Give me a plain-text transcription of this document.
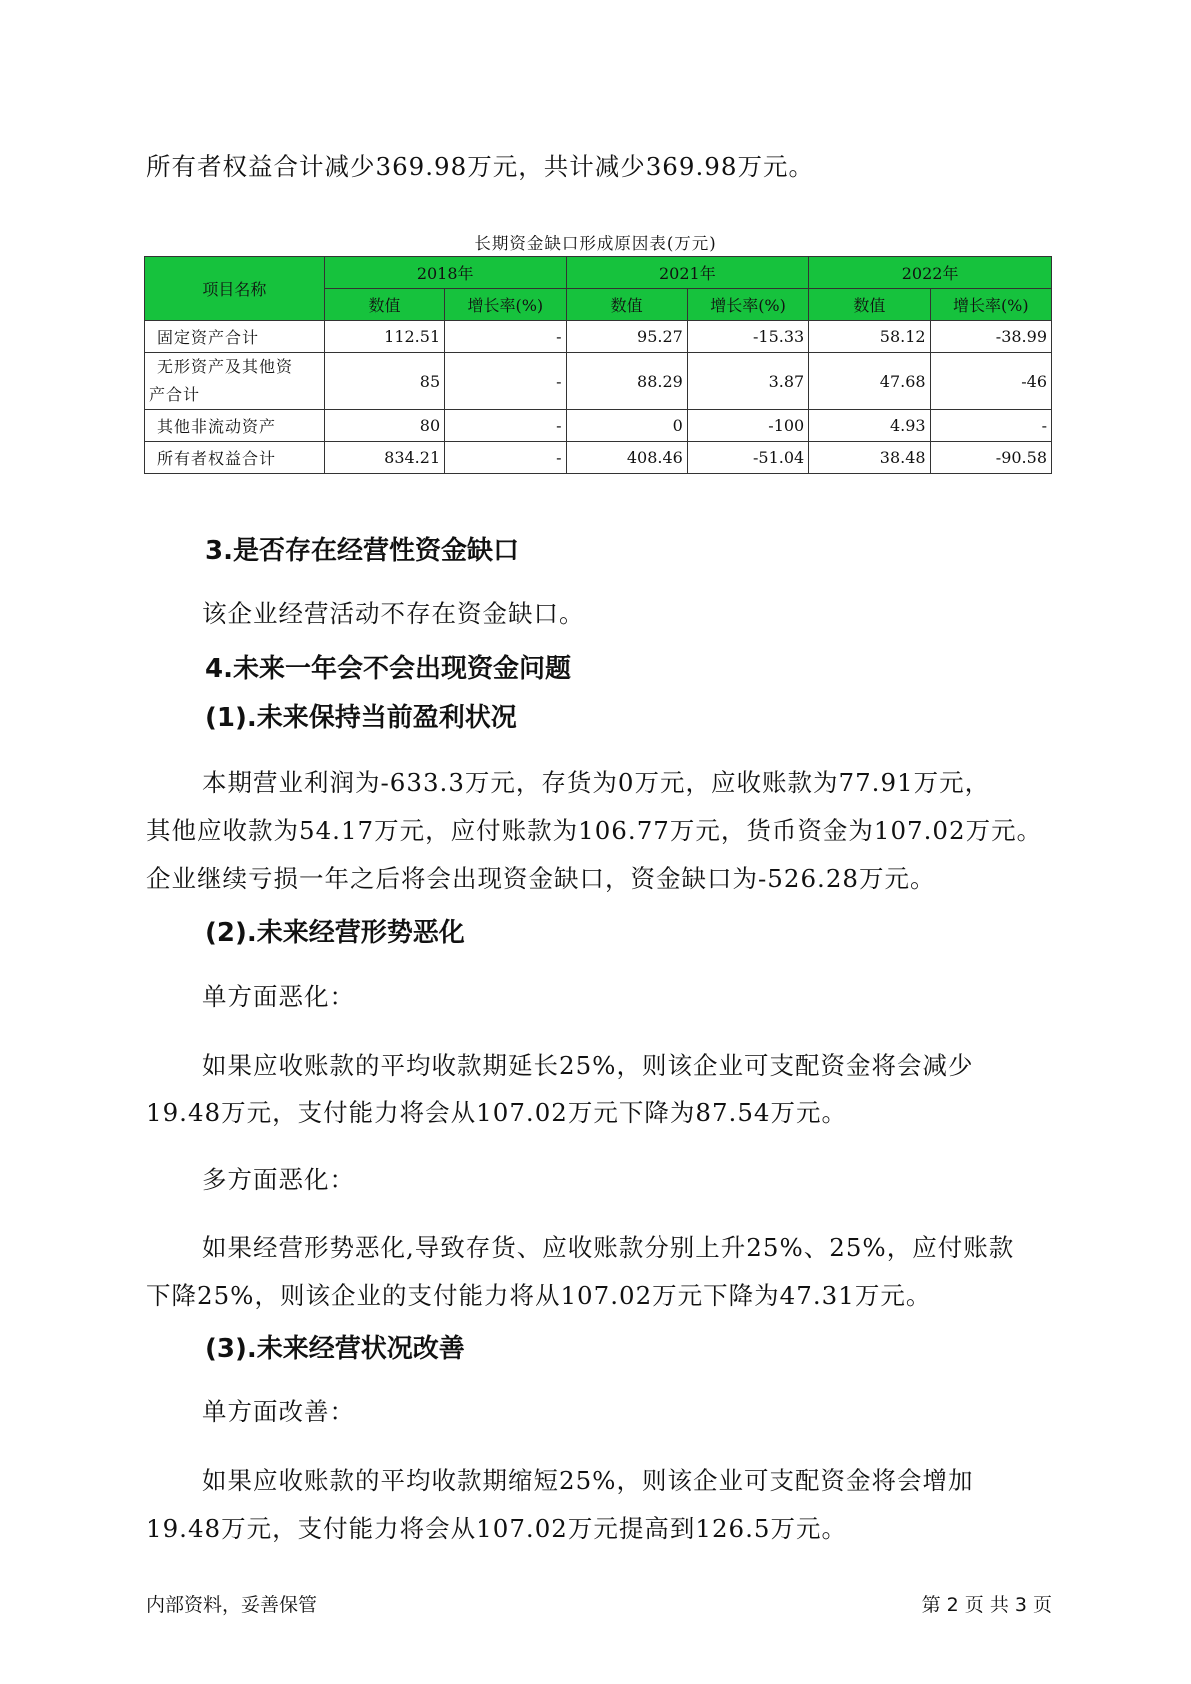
所有者权益合计减少369.98万元，共计减少369.98万元。
长期资金缺口形成原因表(万元)
项目名称	2018年		2021年		2022年	
	数值	增长率(%)	数值	增长率(%)	数值	增长率(%)
固定资产合计	112.51	-	95.27	-15.33	58.12	-38.99

无形资产及其他资
产合计	85	-	88.29	3.87	47.68	-46
其他非流动资产	80	-	0	-100	4.93	-
所有者权益合计	834.21	-	408.46	-51.04	38.48	-90.58
3.是否存在经营性资金缺口
该企业经营活动不存在资金缺口。
4.未来一年会不会出现资金问题
(1).未来保持当前盈利状况
本期营业利润为-633.3万元，存货为0万元，应收账款为77.91万元，
其他应收款为54.17万元，应付账款为106.77万元，货币资金为107.02万元。
企业继续亏损一年之后将会出现资金缺口，资金缺口为-526.28万元。
(2).未来经营形势恶化
单方面恶化：
如果应收账款的平均收款期延长25%，则该企业可支配资金将会减少
19.48万元，支付能力将会从107.02万元下降为87.54万元。
多方面恶化：
如果经营形势恶化,导致存货、应收账款分别上升25%、25%，应付账款
下降25%，则该企业的支付能力将从107.02万元下降为47.31万元。
(3).未来经营状况改善
单方面改善：
如果应收账款的平均收款期缩短25%，则该企业可支配资金将会增加
19.48万元，支付能力将会从107.02万元提高到126.5万元。
内部资料，妥善保管	第 2 页 共 3 页
